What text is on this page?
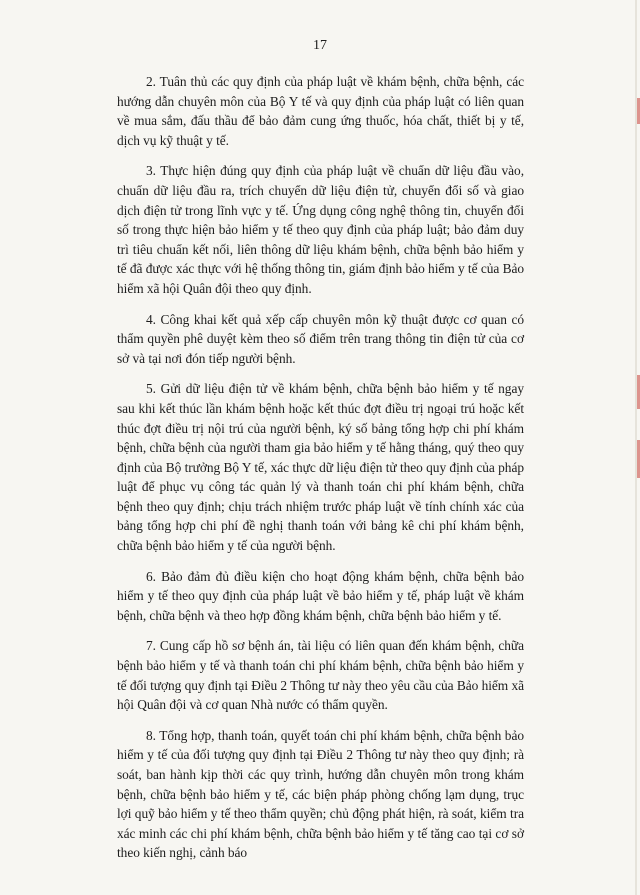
17

2. Tuân thủ các quy định của pháp luật về khám bệnh, chữa bệnh, các hướng dẫn chuyên môn của Bộ Y tế và quy định của pháp luật có liên quan về mua sắm, đấu thầu để bảo đảm cung ứng thuốc, hóa chất, thiết bị y tế, dịch vụ kỹ thuật y tế.

3. Thực hiện đúng quy định của pháp luật về chuẩn dữ liệu đầu vào, chuẩn dữ liệu đầu ra, trích chuyển dữ liệu điện tử, chuyển đổi số và giao dịch điện tử trong lĩnh vực y tế. Ứng dụng công nghệ thông tin, chuyển đổi số trong thực hiện bảo hiểm y tế theo quy định của pháp luật; bảo đảm duy trì tiêu chuẩn kết nối, liên thông dữ liệu khám bệnh, chữa bệnh bảo hiểm y tế đã được xác thực với hệ thống thông tin, giám định bảo hiểm y tế của Bảo hiểm xã hội Quân đội theo quy định.

4. Công khai kết quả xếp cấp chuyên môn kỹ thuật được cơ quan có thẩm quyền phê duyệt kèm theo số điểm trên trang thông tin điện tử của cơ sở và tại nơi đón tiếp người bệnh.

5. Gửi dữ liệu điện tử về khám bệnh, chữa bệnh bảo hiểm y tế ngay sau khi kết thúc lần khám bệnh hoặc kết thúc đợt điều trị ngoại trú hoặc kết thúc đợt điều trị nội trú của người bệnh, ký số bảng tổng hợp chi phí khám bệnh, chữa bệnh của người tham gia bảo hiểm y tế hằng tháng, quý theo quy định của Bộ trưởng Bộ Y tế, xác thực dữ liệu điện tử theo quy định của pháp luật để phục vụ công tác quản lý và thanh toán chi phí khám bệnh, chữa bệnh theo quy định; chịu trách nhiệm trước pháp luật về tính chính xác của bảng tổng hợp chi phí đề nghị thanh toán với bảng kê chi phí khám bệnh, chữa bệnh bảo hiểm y tế của người bệnh.

6. Bảo đảm đủ điều kiện cho hoạt động khám bệnh, chữa bệnh bảo hiểm y tế theo quy định của pháp luật về bảo hiểm y tế, pháp luật về khám bệnh, chữa bệnh và theo hợp đồng khám bệnh, chữa bệnh bảo hiểm y tế.

7. Cung cấp hồ sơ bệnh án, tài liệu có liên quan đến khám bệnh, chữa bệnh bảo hiểm y tế và thanh toán chi phí khám bệnh, chữa bệnh bảo hiểm y tế đối tượng quy định tại Điều 2 Thông tư này theo yêu cầu của Bảo hiểm xã hội Quân đội và cơ quan Nhà nước có thẩm quyền.

8. Tổng hợp, thanh toán, quyết toán chi phí khám bệnh, chữa bệnh bảo hiểm y tế của đối tượng quy định tại Điều 2 Thông tư này theo quy định; rà soát, ban hành kịp thời các quy trình, hướng dẫn chuyên môn trong khám bệnh, chữa bệnh bảo hiểm y tế, các biện pháp phòng chống lạm dụng, trục lợi quỹ bảo hiểm y tế theo thẩm quyền; chủ động phát hiện, rà soát, kiểm tra xác minh các chi phí khám bệnh, chữa bệnh bảo hiểm y tế tăng cao tại cơ sở theo kiến nghị, cảnh báo
